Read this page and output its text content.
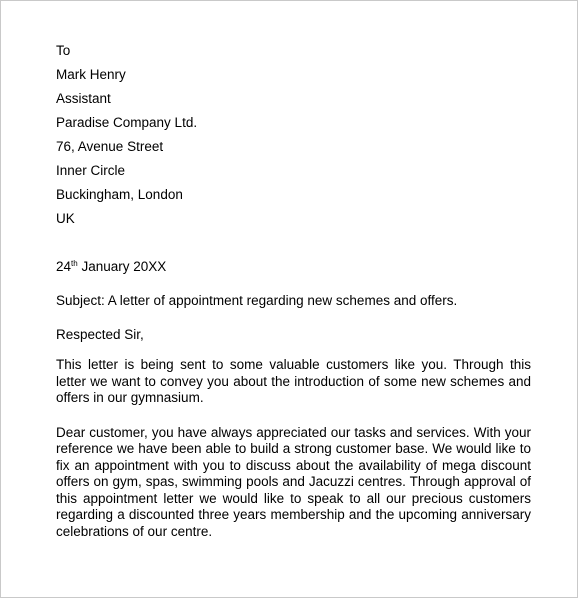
To
Mark Henry
Assistant
Paradise Company Ltd.
76, Avenue Street
Inner Circle
Buckingham, London
UK
24th January 20XX
Subject: A letter of appointment regarding new schemes and offers.
Respected Sir,

This letter is being sent to some valuable customers like you. Through this letter we want to convey you about the introduction of some new schemes and offers in our gymnasium.

Dear customer, you have always appreciated our tasks and services. With your reference we have been able to build a strong customer base. We would like to fix an appointment with you to discuss about the availability of mega discount offers on gym, spas, swimming pools and Jacuzzi centres. Through approval of this appointment letter we would like to speak to all our precious customers regarding a discounted three years membership and the upcoming anniversary celebrations of our centre.
